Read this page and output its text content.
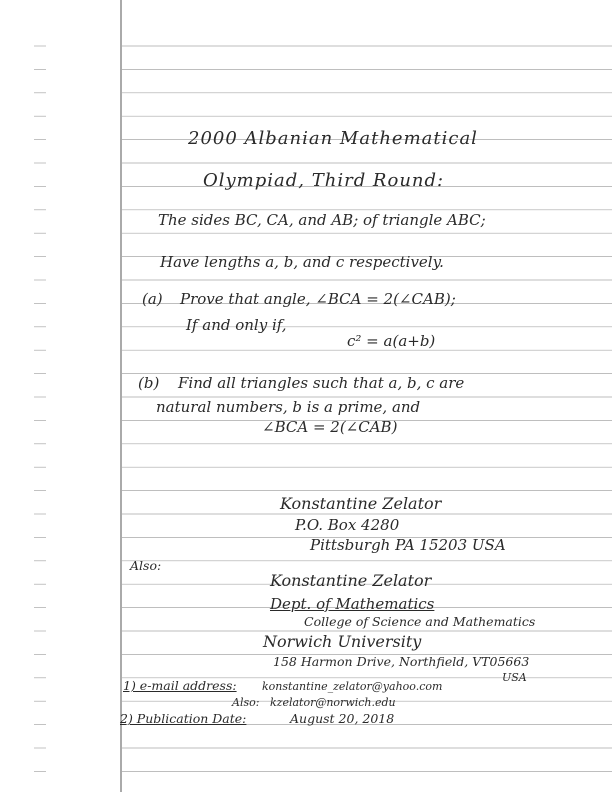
2000 Albanian Mathematical
Olympiad, Third Round:
The sides BC, CA, and AB; of triangle ABC;
Have lengths a, b, and c respectively.
(a) Prove that angle, ∠BCA = 2(∠CAB);
If and only if,
c² = a(a+b)
(b) Find all triangles such that a, b, c are
natural numbers, b is a prime, and
∠BCA = 2(∠CAB)
Konstantine Zelator
P.O. Box 4280
Pittsburgh PA 15203 USA
Also:
Konstantine Zelator
Dept. of Mathematics
College of Science and Mathematics
Norwich University
158 Harmon Drive, Northfield, VT05663
USA
1) e-mail address: konstantine_zelator@yahoo.com
Also: kzelator@norwich.edu
2) Publication Date:	August 20, 2018
